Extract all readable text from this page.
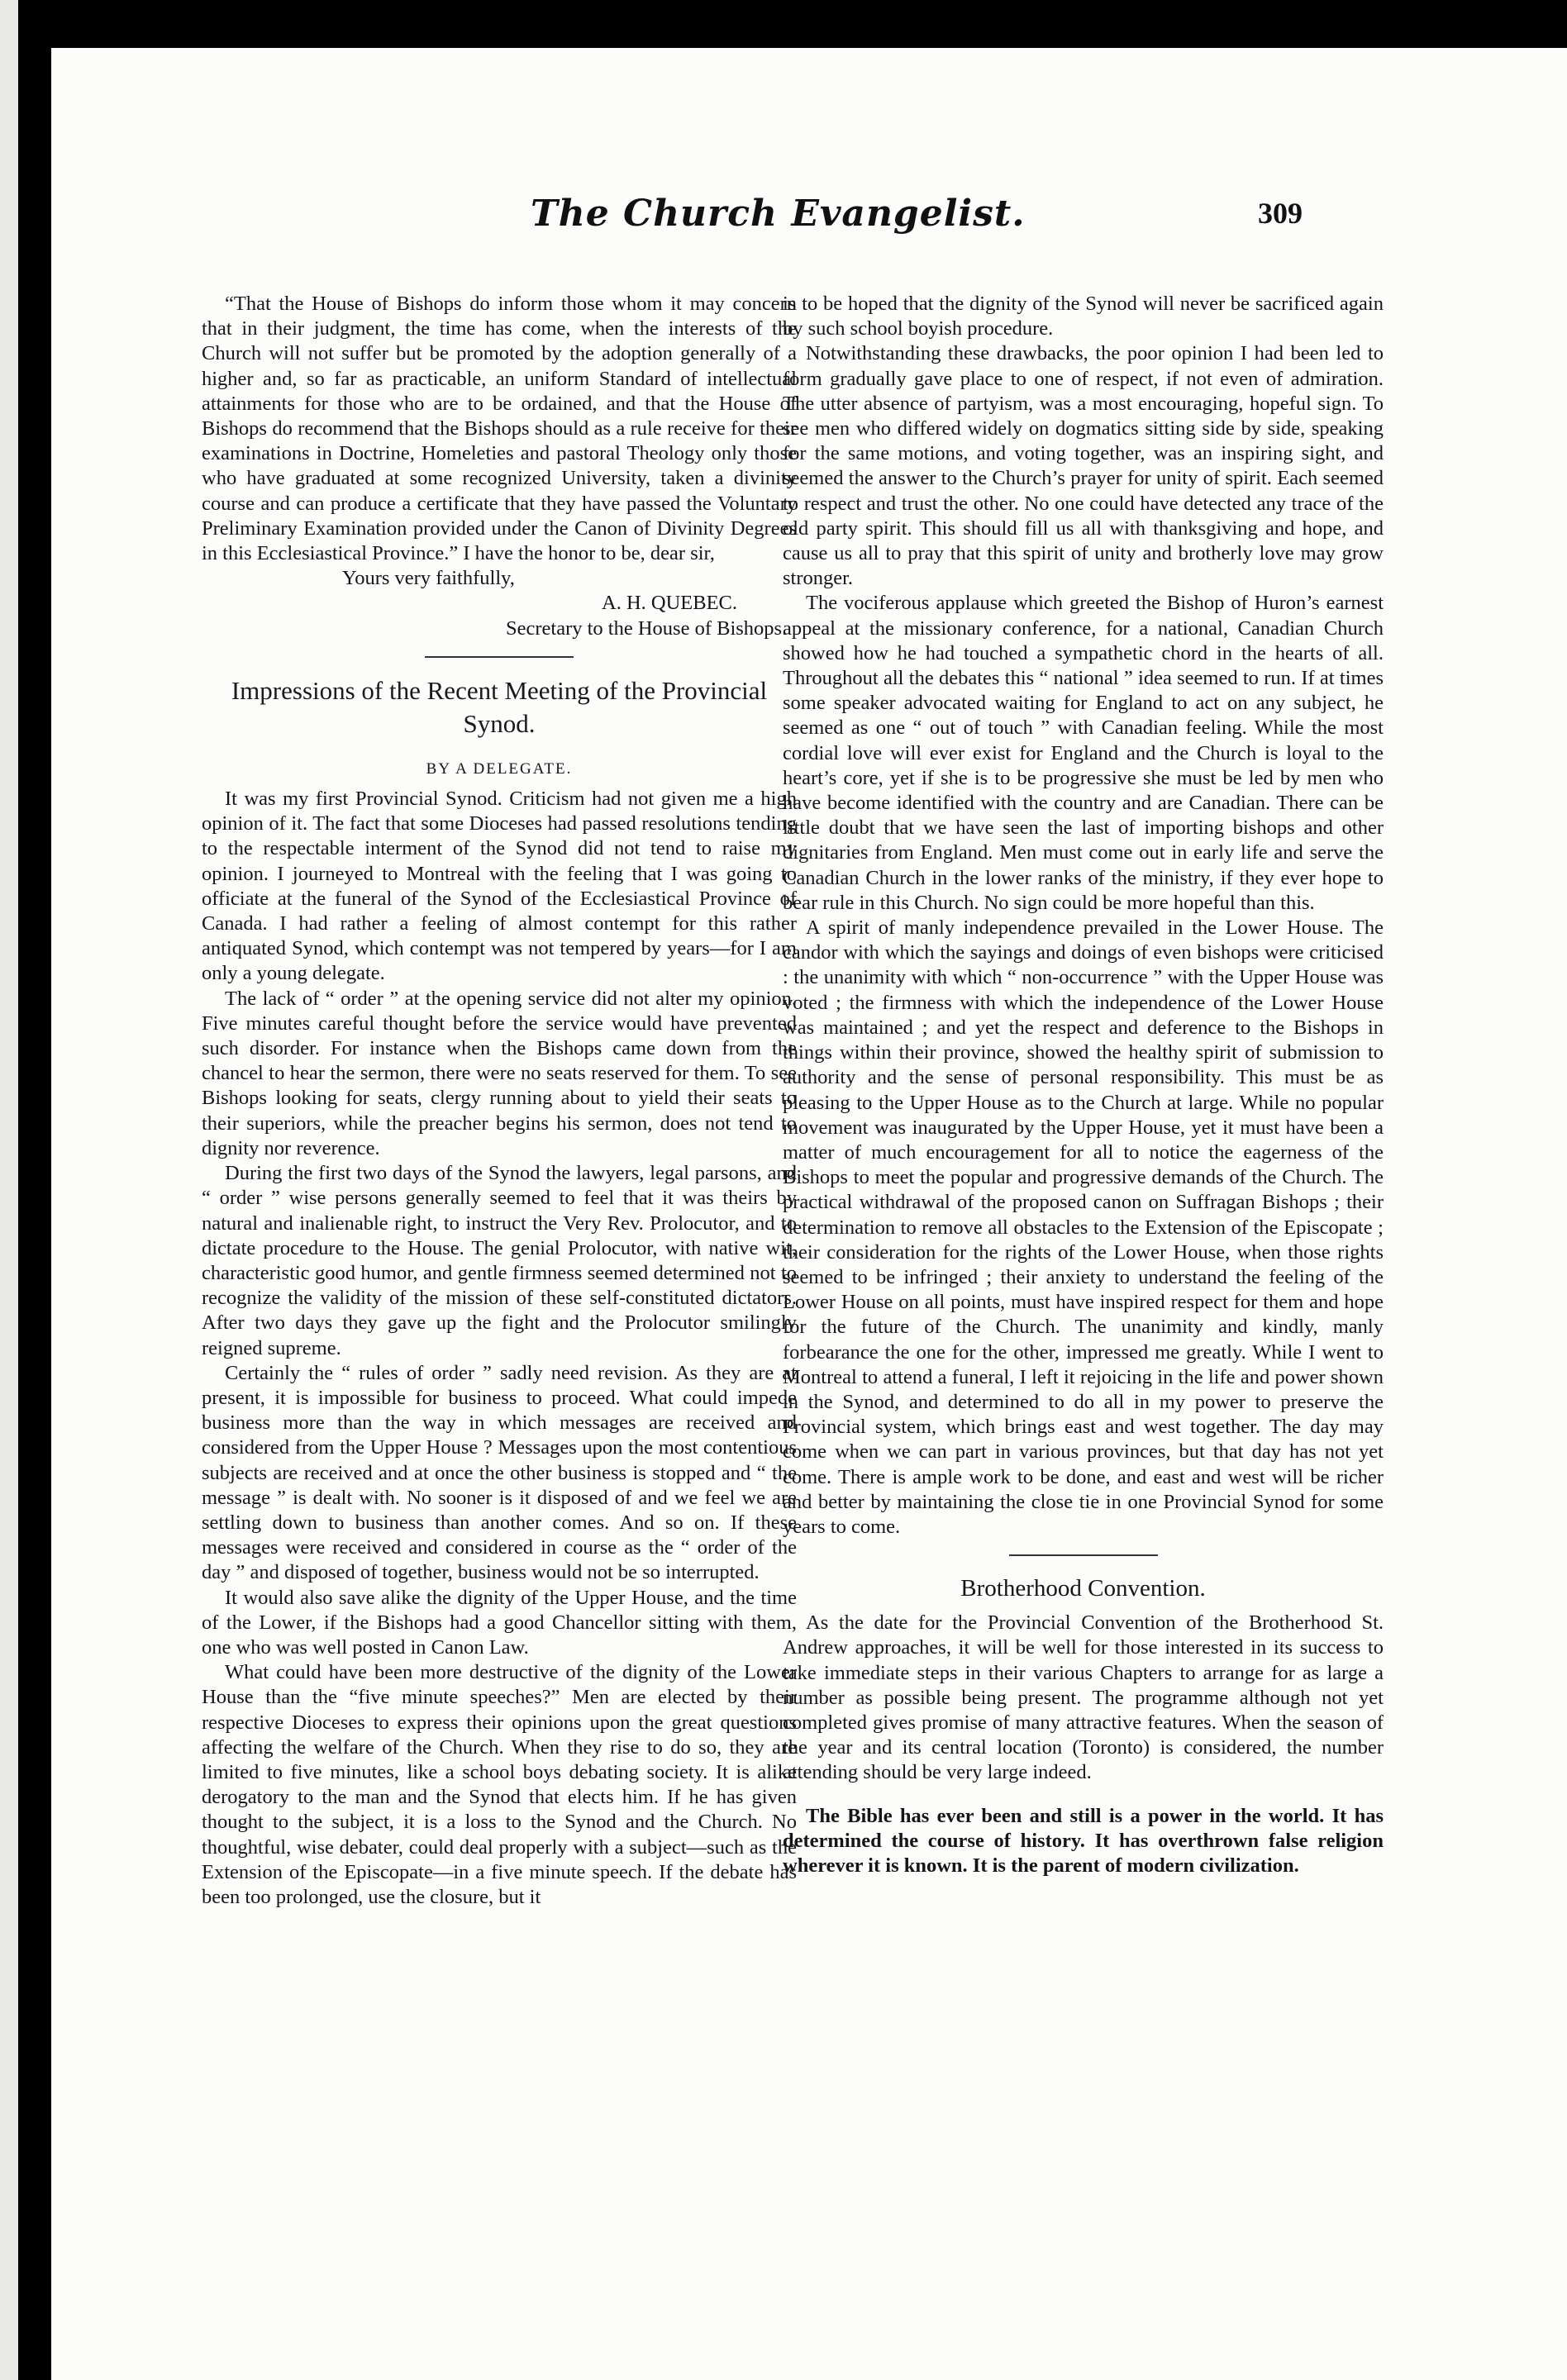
The Church Evangelist.	309

“That the House of Bishops do inform those whom it may concern that in their judgment, the time has come, when the interests of the Church will not suffer but be promoted by the adoption generally of a higher and, so far as practicable, an uniform Standard of intellectual attainments for those who are to be ordained, and that the House of Bishops do recommend that the Bishops should as a rule receive for their examinations in Doctrine, Homeleties and pastoral Theology only those who have graduated at some recognized University, taken a divinity course and can produce a certificate that they have passed the Voluntary Preliminary Examination provided under the Canon of Divinity Degrees in this Ecclesiastical Province.” I have the honor to be, dear sir,

Yours very faithfully,

A. H. QUEBEC.

Secretary to the House of Bishops.

Impressions of the Recent Meeting of the Provincial Synod.
BY A DELEGATE.

It was my first Provincial Synod. Criticism had not given me a high opinion of it. The fact that some Dioceses had passed resolutions tending to the respectable interment of the Synod did not tend to raise my opinion. I journeyed to Montreal with the feeling that I was going to officiate at the funeral of the Synod of the Ecclesiastical Province of Canada. I had rather a feeling of almost contempt for this rather antiquated Synod, which contempt was not tempered by years—for I am only a young delegate.

The lack of “ order ” at the opening service did not alter my opinion. Five minutes careful thought before the service would have prevented such disorder. For instance when the Bishops came down from the chancel to hear the sermon, there were no seats reserved for them. To see Bishops looking for seats, clergy running about to yield their seats to their superiors, while the preacher begins his sermon, does not tend to dignity nor reverence.

During the first two days of the Synod the lawyers, legal parsons, and “ order ” wise persons generally seemed to feel that it was theirs by natural and inalienable right, to instruct the Very Rev. Prolocutor, and to dictate procedure to the House. The genial Prolocutor, with native wit, characteristic good humor, and gentle firmness seemed determined not to recognize the validity of the mission of these self-constituted dictators. After two days they gave up the fight and the Prolocutor smilingly reigned supreme.

Certainly the “ rules of order ” sadly need revision. As they are at present, it is impossible for business to proceed. What could impede business more than the way in which messages are received and considered from the Upper House ? Messages upon the most contentious subjects are received and at once the other business is stopped and “ the message ” is dealt with. No sooner is it disposed of and we feel we are settling down to business than another comes. And so on. If these messages were received and considered in course as the “ order of the day ” and disposed of together, business would not be so interrupted.

It would also save alike the dignity of the Upper House, and the time of the Lower, if the Bishops had a good Chancellor sitting with them, one who was well posted in Canon Law.

What could have been more destructive of the dignity of the Lower House than the “five minute speeches?” Men are elected by their respective Dioceses to express their opinions upon the great questions affecting the welfare of the Church. When they rise to do so, they are limited to five minutes, like a school boys debating society. It is alike derogatory to the man and the Synod that elects him. If he has given thought to the subject, it is a loss to the Synod and the Church. No thoughtful, wise debater, could deal properly with a subject—such as the Extension of the Episcopate—in a five minute speech. If the debate has been too prolonged, use the closure, but it

is to be hoped that the dignity of the Synod will never be sacrificed again by such school boyish procedure.

Notwithstanding these drawbacks, the poor opinion I had been led to form gradually gave place to one of respect, if not even of admiration. The utter absence of partyism, was a most encouraging, hopeful sign. To see men who differed widely on dogmatics sitting side by side, speaking for the same motions, and voting together, was an inspiring sight, and seemed the answer to the Church’s prayer for unity of spirit. Each seemed to respect and trust the other. No one could have detected any trace of the old party spirit. This should fill us all with thanksgiving and hope, and cause us all to pray that this spirit of unity and brotherly love may grow stronger.

The vociferous applause which greeted the Bishop of Huron’s earnest appeal at the missionary conference, for a national, Canadian Church showed how he had touched a sympathetic chord in the hearts of all. Throughout all the debates this “ national ” idea seemed to run. If at times some speaker advocated waiting for England to act on any subject, he seemed as one “ out of touch ” with Canadian feeling. While the most cordial love will ever exist for England and the Church is loyal to the heart’s core, yet if she is to be progressive she must be led by men who have become identified with the country and are Canadian. There can be little doubt that we have seen the last of importing bishops and other dignitaries from England. Men must come out in early life and serve the Canadian Church in the lower ranks of the ministry, if they ever hope to bear rule in this Church. No sign could be more hopeful than this.

A spirit of manly independence prevailed in the Lower House. The candor with which the sayings and doings of even bishops were criticised : the unanimity with which “ non-occurrence ” with the Upper House was voted ; the firmness with which the independence of the Lower House was maintained ; and yet the respect and deference to the Bishops in things within their province, showed the healthy spirit of submission to authority and the sense of personal responsibility. This must be as pleasing to the Upper House as to the Church at large. While no popular movement was inaugurated by the Upper House, yet it must have been a matter of much encouragement for all to notice the eagerness of the Bishops to meet the popular and progressive demands of the Church. The practical withdrawal of the proposed canon on Suffragan Bishops ; their determination to remove all obstacles to the Extension of the Episcopate ; their consideration for the rights of the Lower House, when those rights seemed to be infringed ; their anxiety to understand the feeling of the Lower House on all points, must have inspired respect for them and hope for the future of the Church. The unanimity and kindly, manly forbearance the one for the other, impressed me greatly. While I went to Montreal to attend a funeral, I left it rejoicing in the life and power shown in the Synod, and determined to do all in my power to preserve the Provincial system, which brings east and west together. The day may come when we can part in various provinces, but that day has not yet come. There is ample work to be done, and east and west will be richer and better by maintaining the close tie in one Provincial Synod for some years to come.

Brotherhood Convention.

As the date for the Provincial Convention of the Brotherhood St. Andrew approaches, it will be well for those interested in its success to take immediate steps in their various Chapters to arrange for as large a number as possible being present. The programme although not yet completed gives promise of many attractive features. When the season of the year and its central location (Toronto) is considered, the number attending should be very large indeed.

The Bible has ever been and still is a power in the world. It has determined the course of history. It has overthrown false religion wherever it is known. It is the parent of modern civilization.
